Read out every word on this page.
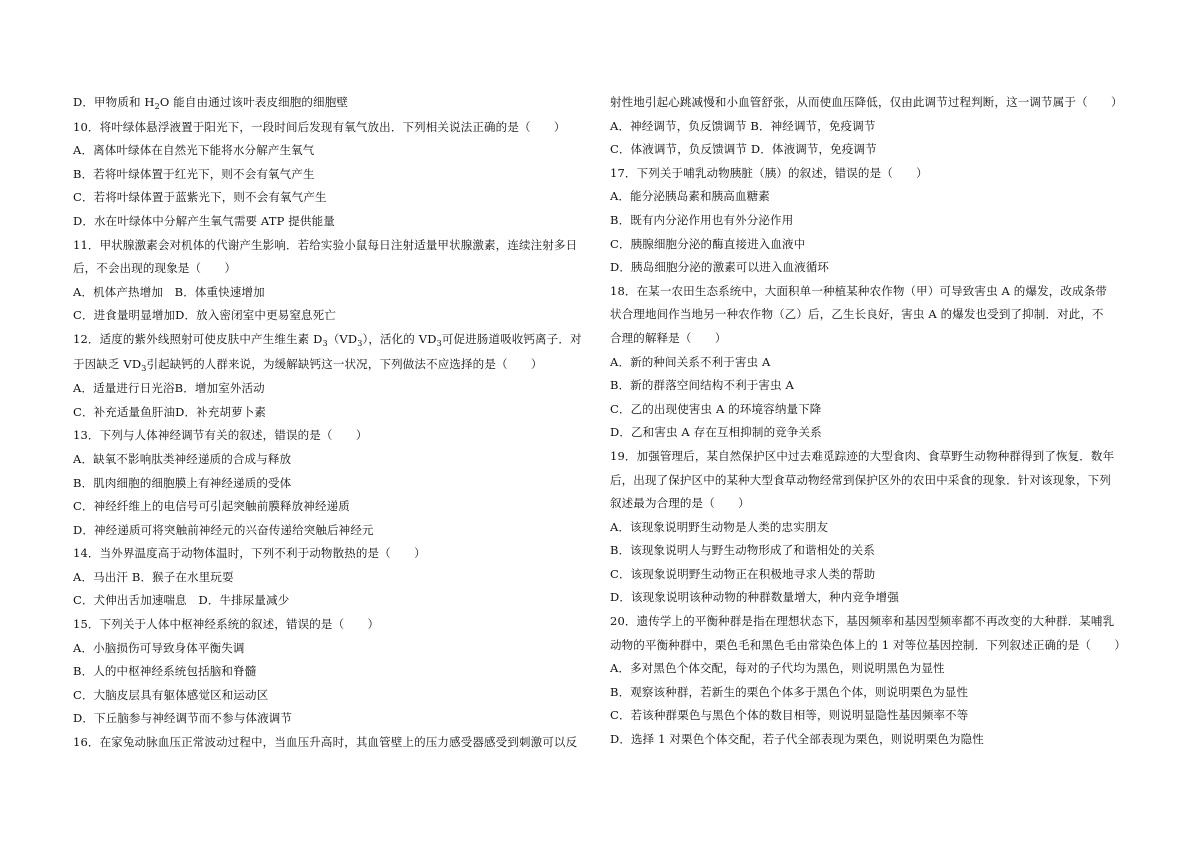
D．甲物质和 $H_2O$ 能自由通过该叶表皮细胞的细胞壁
10．将叶绿体悬浮液置于阳光下，一段时间后发现有氧气放出．下列相关说法正确的是（　　）
A．离体叶绿体在自然光下能将水分解产生氧气
B．若将叶绿体置于红光下，则不会有氧气产生
C．若将叶绿体置于蓝紫光下，则不会有氧气产生
D．水在叶绿体中分解产生氧气需要 ATP 提供能量
11．甲状腺激素会对机体的代谢产生影响．若给实验小鼠每日注射适量甲状腺激素，连续注射多日
后，不会出现的现象是（　　）
A．机体产热增加　B．体重快速增加
C．进食量明显增加D．放入密闭室中更易窒息死亡
12．适度的紫外线照射可使皮肤中产生维生素 $D_3(VD_3)$，活化的 $VD_3$可促进肠道吸收钙离子．对
于因缺乏 $VD_3$引起缺钙的人群来说，为缓解缺钙这一状况，下列做法不应选择的是（　　）
A．适量进行日光浴B．增加室外活动
C．补充适量鱼肝油D．补充胡萝卜素
13．下列与人体神经调节有关的叙述，错误的是（　　）
A．缺氧不影响肽类神经递质的合成与释放
B．肌肉细胞的细胞膜上有神经递质的受体
C．神经纤维上的电信号可引起突触前膜释放神经递质
D．神经递质可将突触前神经元的兴奋传递给突触后神经元
14．当外界温度高于动物体温时，下列不利于动物散热的是（　　）
A．马出汗 B．猴子在水里玩耍
C．犬伸出舌加速喘息　D．牛排尿量减少
15．下列关于人体中枢神经系统的叙述，错误的是（　　）
A．小脑损伤可导致身体平衡失调
B．人的中枢神经系统包括脑和脊髓
C．大脑皮层具有躯体感觉区和运动区
D．下丘脑参与神经调节而不参与体液调节
16．在家兔动脉血压正常波动过程中，当血压升高时，其血管壁上的压力感受器感受到刺激可以反
射性地引起心跳减慢和小血管舒张，从而使血压降低，仅由此调节过程判断，这一调节属于（　　）
A．神经调节，负反馈调节 B．神经调节，免疫调节
C．体液调节，负反馈调节 D．体液调节，免疫调节
17．下列关于哺乳动物胰脏（胰）的叙述，错误的是（　　）
A．能分泌胰岛素和胰高血糖素
B．既有内分泌作用也有外分泌作用
C．胰腺细胞分泌的酶直接进入血液中
D．胰岛细胞分泌的激素可以进入血液循环
18．在某一农田生态系统中，大面积单一种植某种农作物（甲）可导致害虫 A 的爆发，改成条带
状合理地间作当地另一种农作物（乙）后，乙生长良好，害虫 A 的爆发也受到了抑制．对此，不
合理的解释是（　　）
A．新的种间关系不利于害虫 A
B．新的群落空间结构不利于害虫 A
C．乙的出现使害虫 A 的环境容纳量下降
D．乙和害虫 A 存在互相抑制的竞争关系
19．加强管理后，某自然保护区中过去难觅踪迹的大型食肉、食草野生动物种群得到了恢复．数年
后，出现了保护区中的某种大型食草动物经常到保护区外的农田中采食的现象．针对该现象，下列
叙述最为合理的是（　　）
A．该现象说明野生动物是人类的忠实朋友
B．该现象说明人与野生动物形成了和谐相处的关系
C．该现象说明野生动物正在积极地寻求人类的帮助
D．该现象说明该种动物的种群数量增大，种内竞争增强
20．遗传学上的平衡种群是指在理想状态下，基因频率和基因型频率都不再改变的大种群．某哺乳
动物的平衡种群中，栗色毛和黑色毛由常染色体上的 1 对等位基因控制．下列叙述正确的是（　　）
A．多对黑色个体交配，每对的子代均为黑色，则说明黑色为显性
B．观察该种群，若新生的栗色个体多于黑色个体，则说明栗色为显性
C．若该种群栗色与黑色个体的数目相等，则说明显隐性基因频率不等
D．选择 1 对栗色个体交配，若子代全部表现为栗色，则说明栗色为隐性
